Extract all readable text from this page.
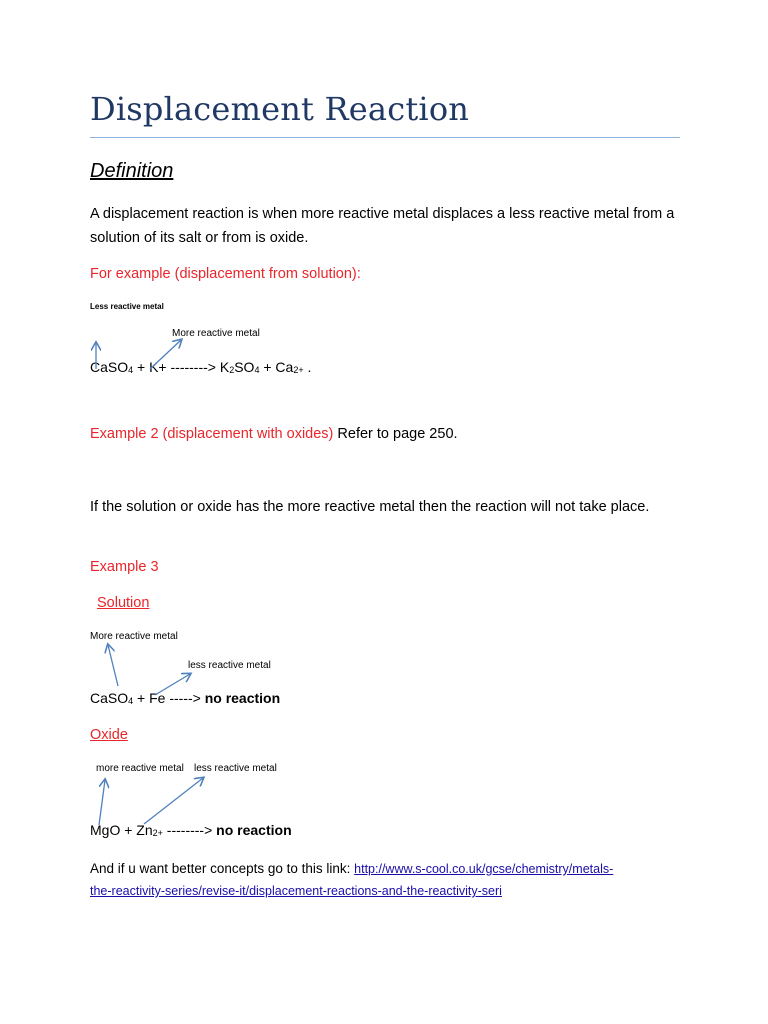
Displacement Reaction
Definition
A displacement reaction is when more reactive metal displaces a less reactive metal from a solution of its salt or from is oxide.
For example (displacement from solution):
Less reactive metal
More reactive metal
CaSO$_4$ + K+ --------> $K_2SO_4 + Ca_{2+}$ .
Example 2 (displacement with oxides) Refer to page 250.
If the solution or oxide has the more reactive metal then the reaction will not take place.
Example 3
Solution
More reactive metal
less reactive metal
CaSO$_4$ + Fe -----> no reaction
Oxide
more reactive metal less reactive metal
MgO + $Zn_{2+}$ --------> no reaction
And if u want better concepts go to this link: http://www.s-cool.co.uk/gcse/chemistry/metals-
the-reactivity-series/revise-it/displacement-reactions-and-the-reactivity-seri
